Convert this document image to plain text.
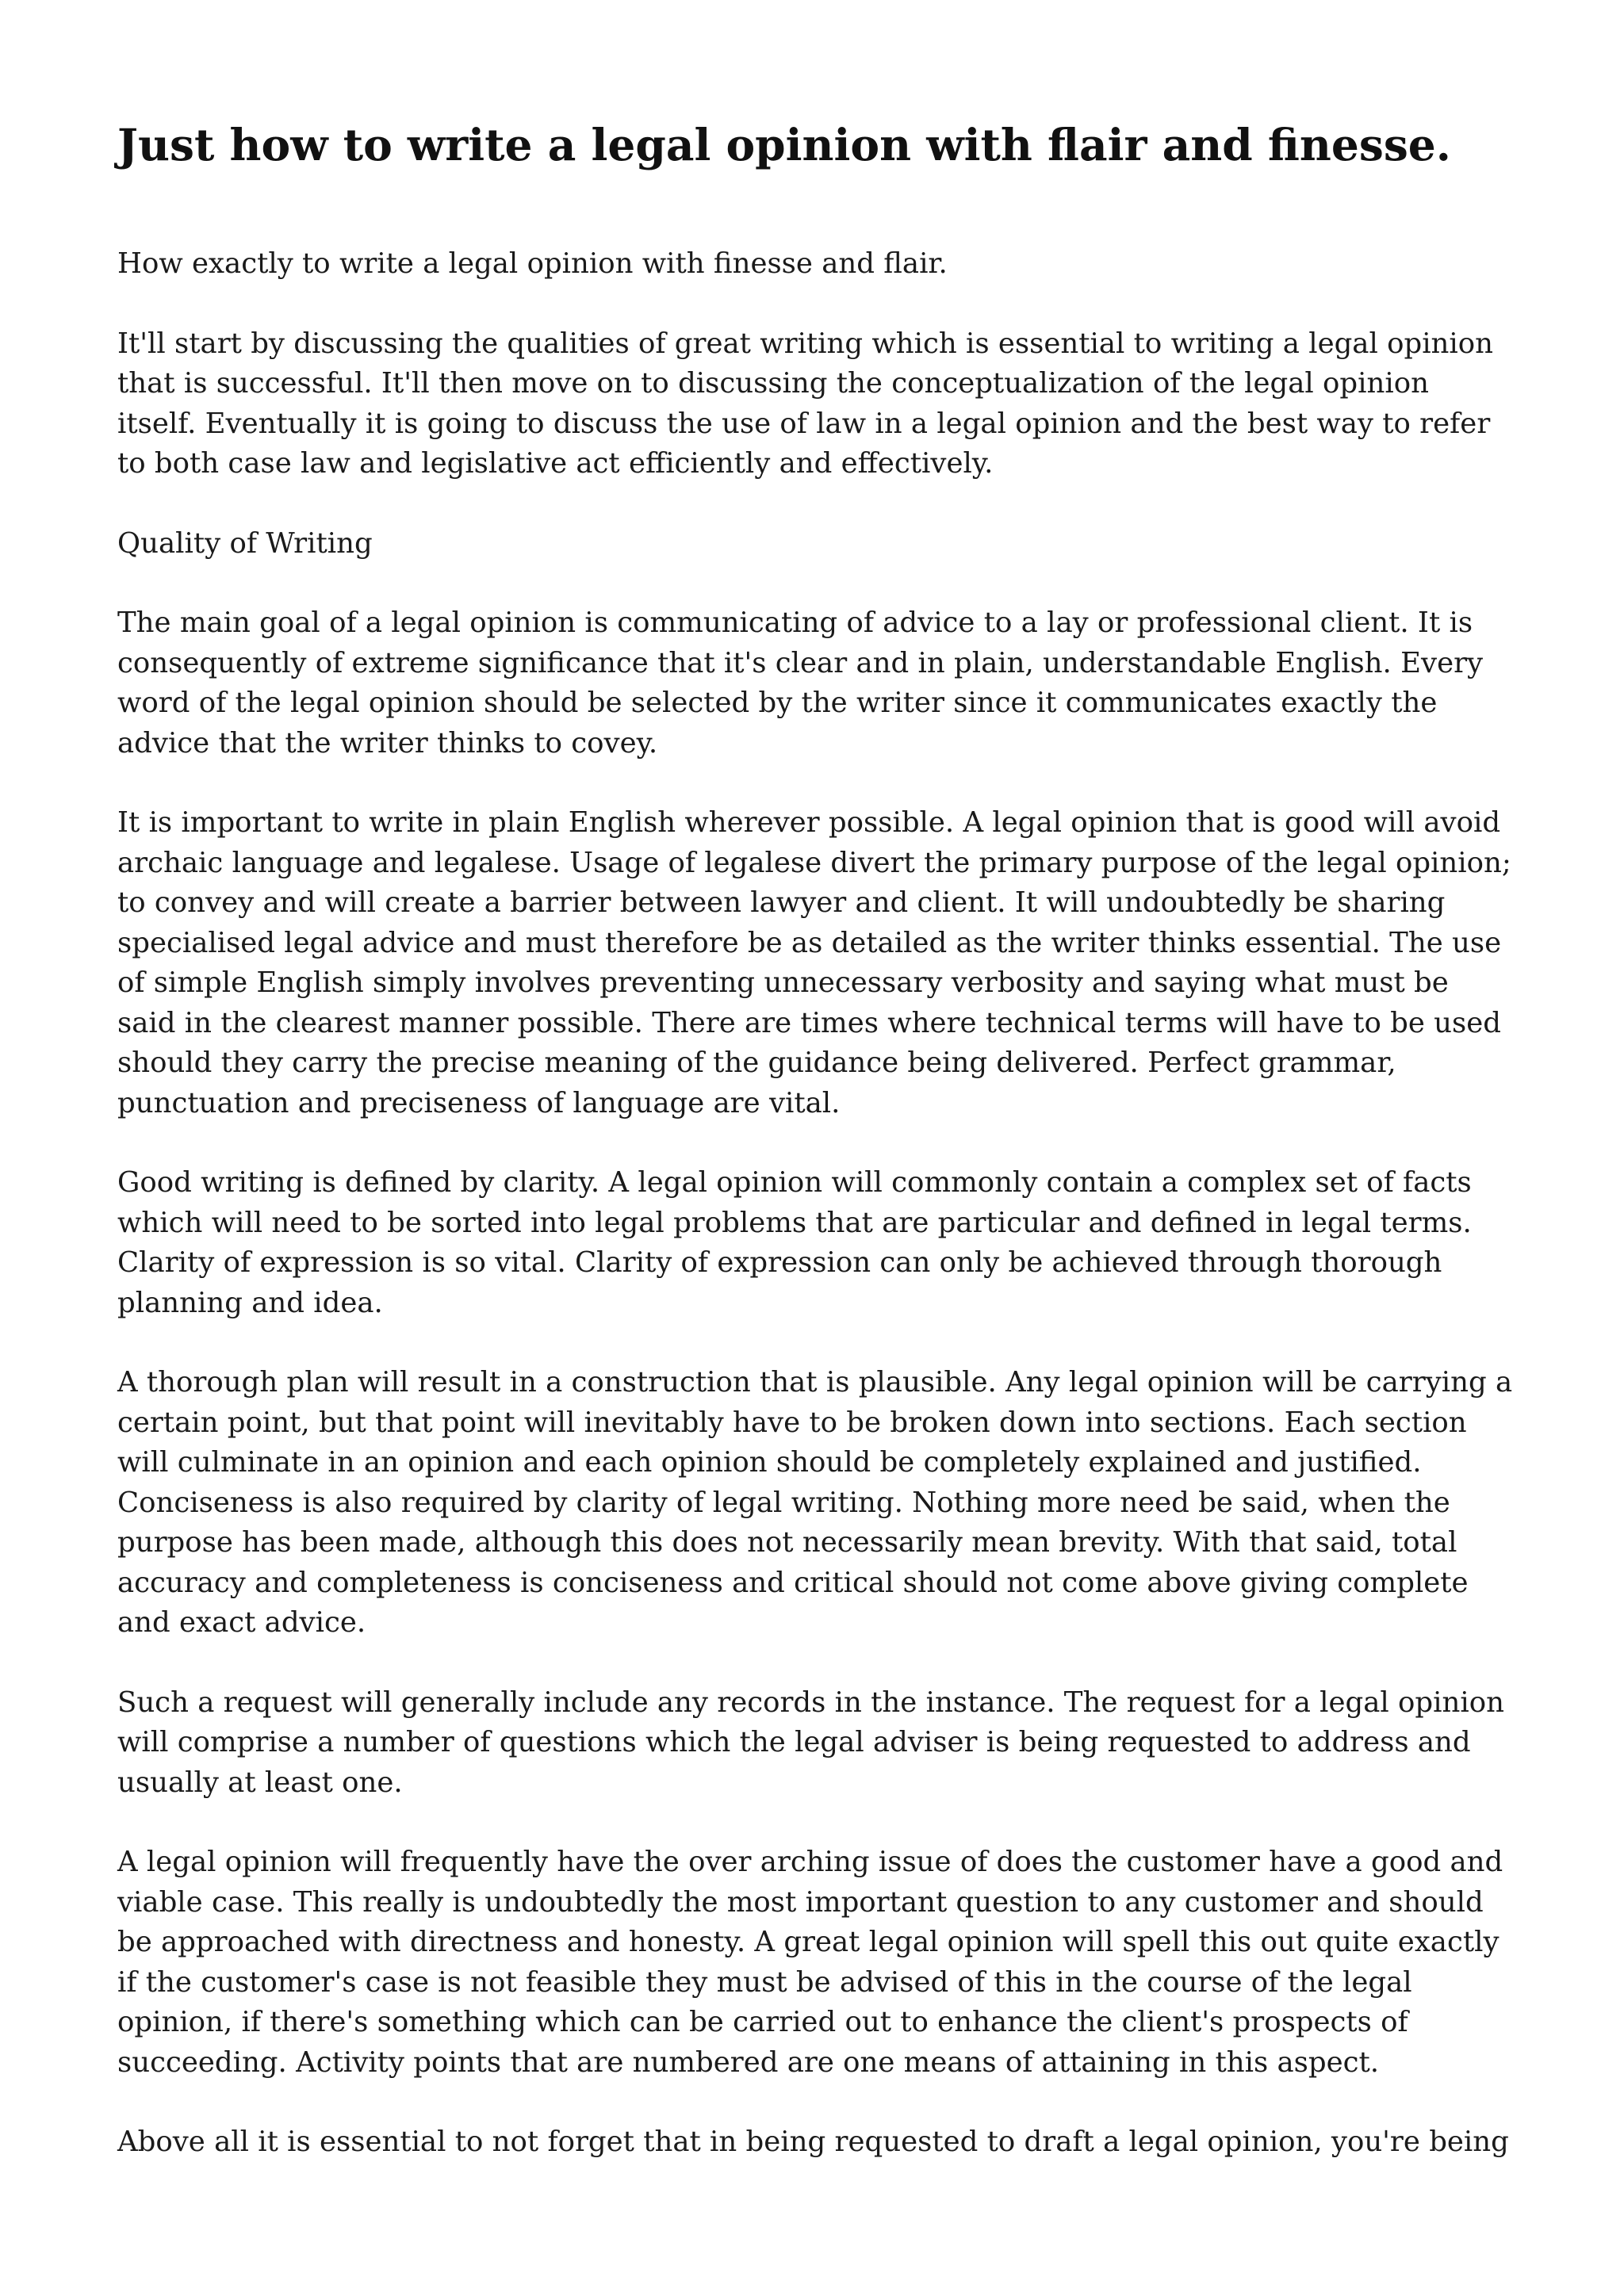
Just how to write a legal opinion with flair and finesse.

How exactly to write a legal opinion with finesse and flair.

It'll start by discussing the qualities of great writing which is essential to writing a legal opinion that is successful. It'll then move on to discussing the conceptualization of the legal opinion itself. Eventually it is going to discuss the use of law in a legal opinion and the best way to refer to both case law and legislative act efficiently and effectively.

Quality of Writing

The main goal of a legal opinion is communicating of advice to a lay or professional client. It is consequently of extreme significance that it's clear and in plain, understandable English. Every word of the legal opinion should be selected by the writer since it communicates exactly the advice that the writer thinks to covey.

It is important to write in plain English wherever possible. A legal opinion that is good will avoid archaic language and legalese. Usage of legalese divert the primary purpose of the legal opinion; to convey and will create a barrier between lawyer and client. It will undoubtedly be sharing specialised legal advice and must therefore be as detailed as the writer thinks essential. The use of simple English simply involves preventing unnecessary verbosity and saying what must be said in the clearest manner possible. There are times where technical terms will have to be used should they carry the precise meaning of the guidance being delivered. Perfect grammar, punctuation and preciseness of language are vital.

Good writing is defined by clarity. A legal opinion will commonly contain a complex set of facts which will need to be sorted into legal problems that are particular and defined in legal terms. Clarity of expression is so vital. Clarity of expression can only be achieved through thorough planning and idea.

A thorough plan will result in a construction that is plausible. Any legal opinion will be carrying a certain point, but that point will inevitably have to be broken down into sections. Each section will culminate in an opinion and each opinion should be completely explained and justified. Conciseness is also required by clarity of legal writing. Nothing more need be said, when the purpose has been made, although this does not necessarily mean brevity. With that said, total accuracy and completeness is conciseness and critical should not come above giving complete and exact advice.

Such a request will generally include any records in the instance. The request for a legal opinion will comprise a number of questions which the legal adviser is being requested to address and usually at least one.

A legal opinion will frequently have the over arching issue of does the customer have a good and viable case. This really is undoubtedly the most important question to any customer and should be approached with directness and honesty. A great legal opinion will spell this out quite exactly if the customer's case is not feasible they must be advised of this in the course of the legal opinion, if there's something which can be carried out to enhance the client's prospects of succeeding. Activity points that are numbered are one means of attaining in this aspect.

Above all it is essential to not forget that in being requested to draft a legal opinion, you're being
